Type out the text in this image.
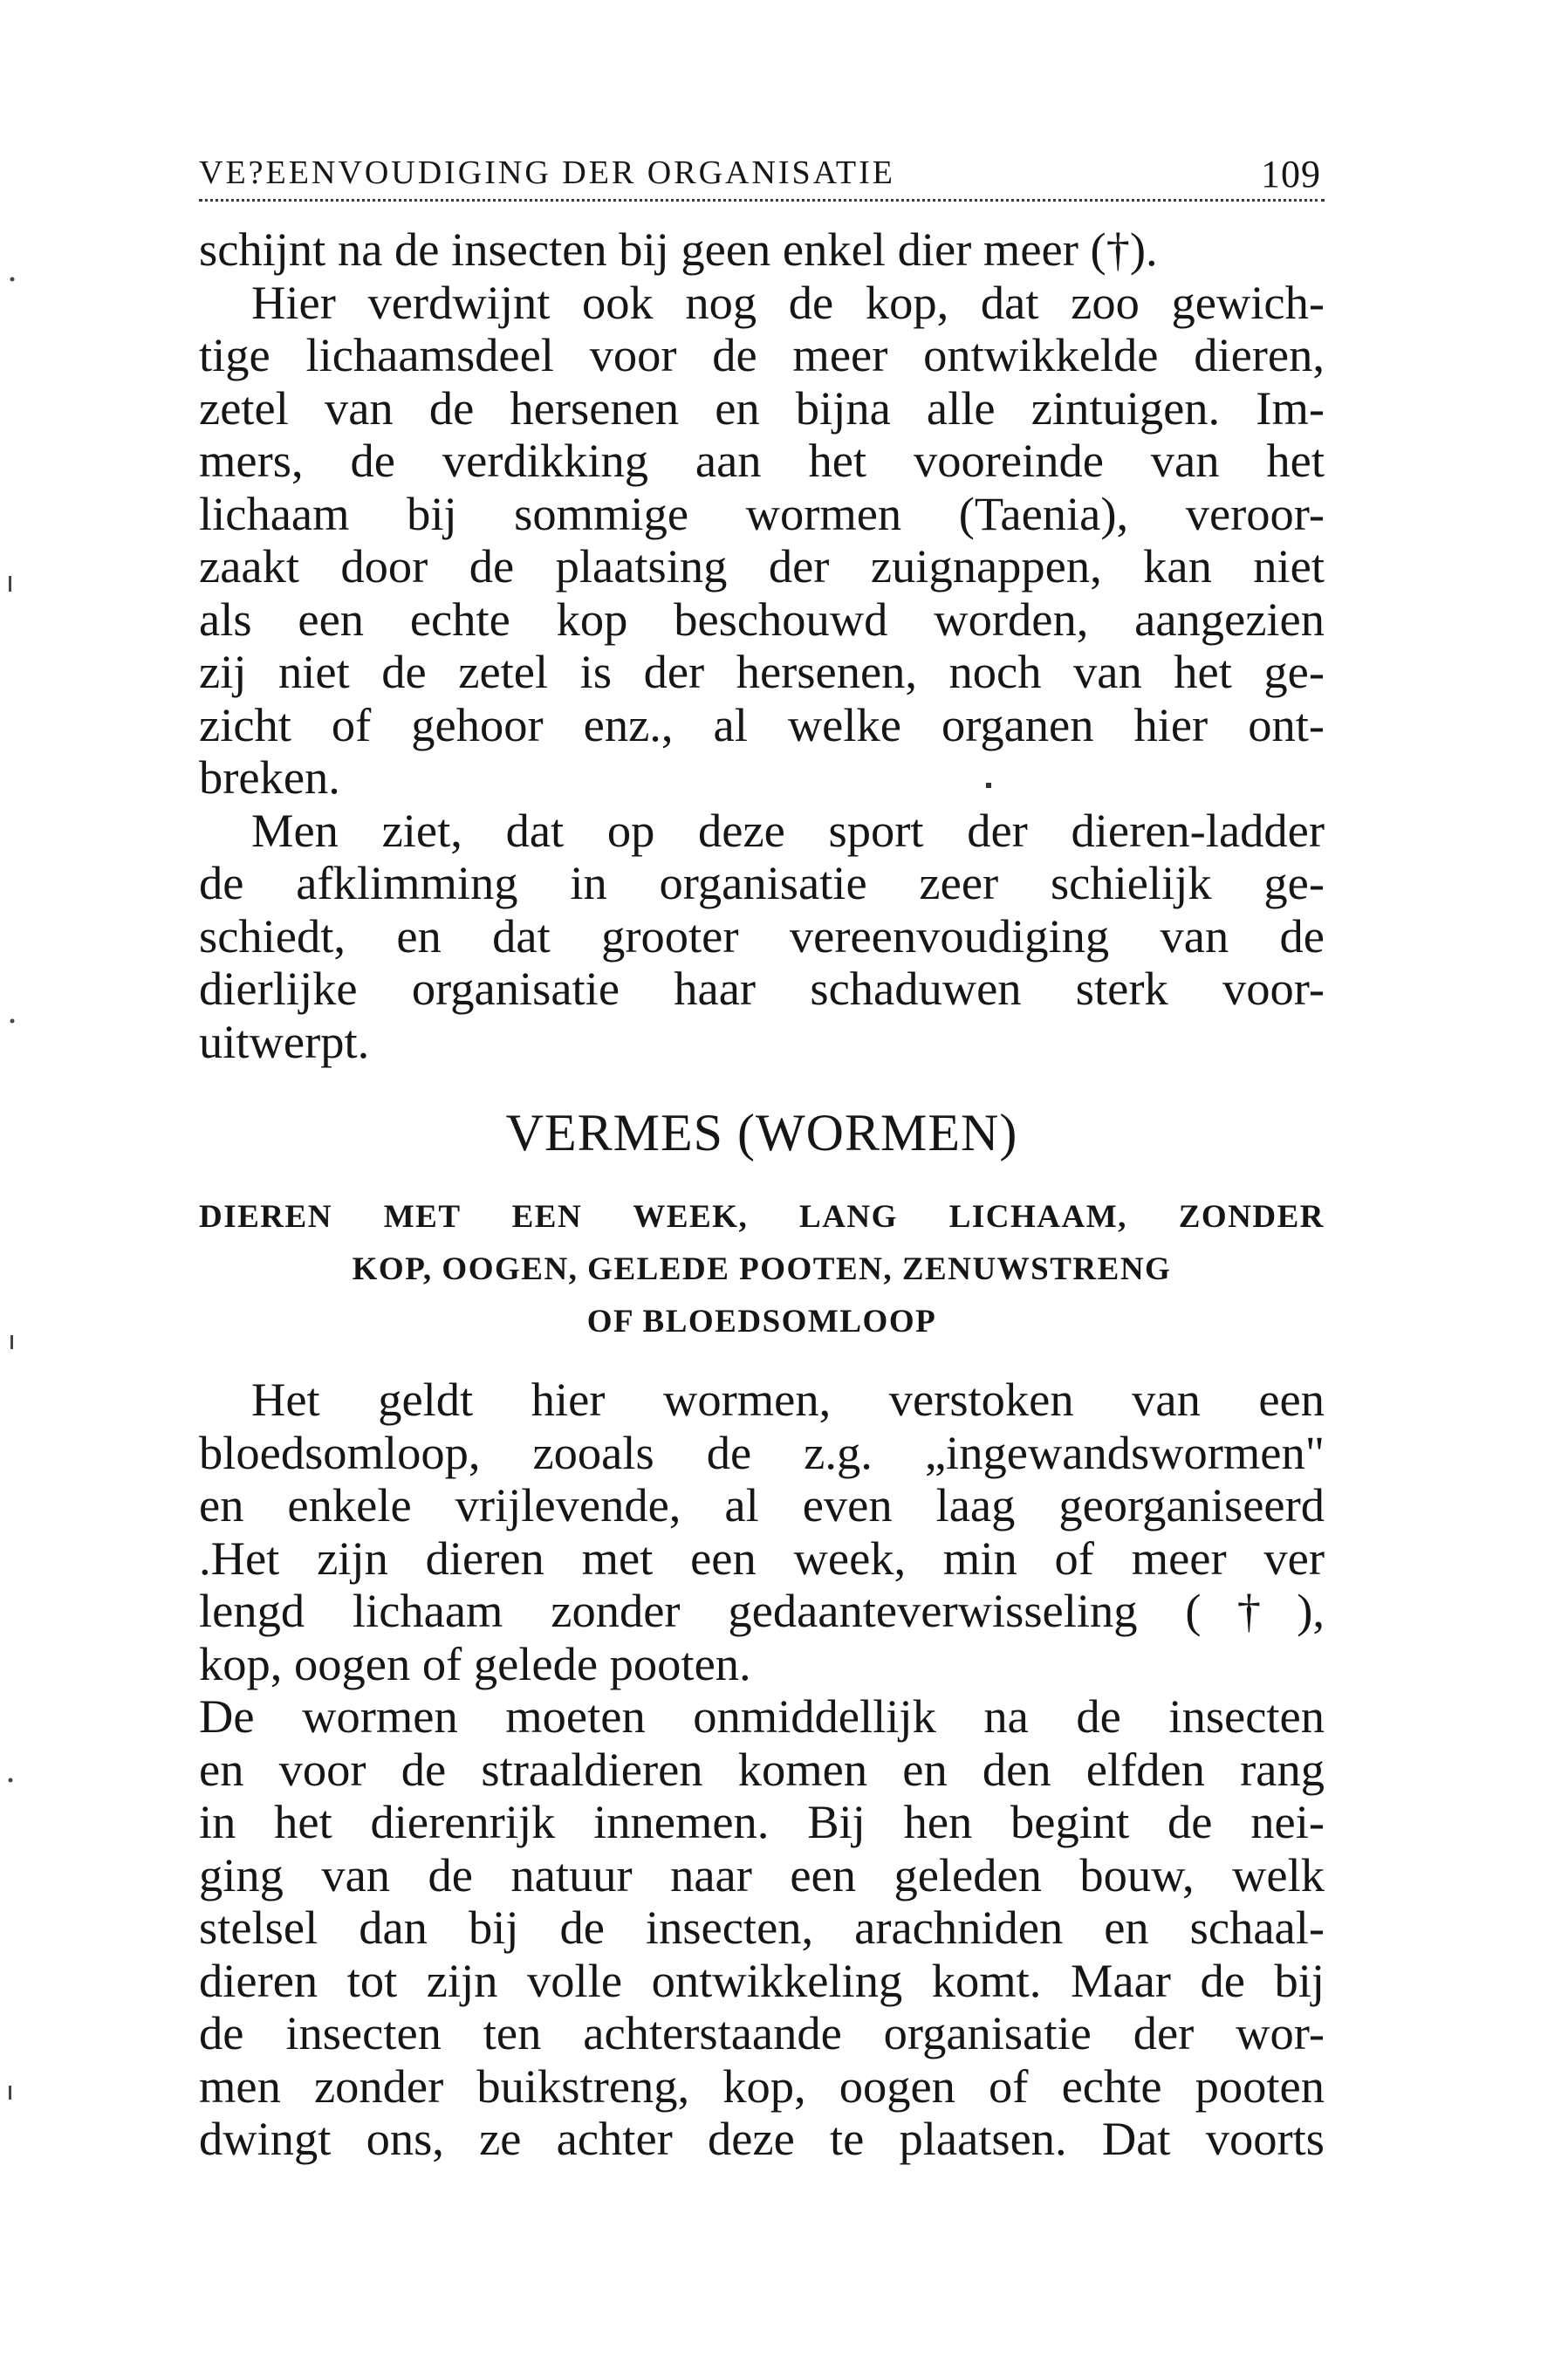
VE?EENVOUDIGING DER ORGANISATIE	109
schijnt na de insecten bij geen enkel dier meer (†).
Hier verdwijnt ook nog de kop, dat zoo gewich-
tige lichaamsdeel voor de meer ontwikkelde dieren,
zetel van de hersenen en bijna alle zintuigen. Im-
mers, de verdikking aan het vooreinde van het
lichaam bij sommige wormen (Taenia), veroor-
zaakt door de plaatsing der zuignappen, kan niet
als een echte kop beschouwd worden, aangezien
zij niet de zetel is der hersenen, noch van het ge-
zicht of gehoor enz., al welke organen hier ont-
breken.
Men ziet, dat op deze sport der dieren-ladder
de afklimming in organisatie zeer schielijk ge-
schiedt, en dat grooter vereenvoudiging van de
dierlijke organisatie haar schaduwen sterk voor-
uitwerpt.
VERMES (WORMEN)
DIEREN MET EEN WEEK, LANG LICHAAM, ZONDER
KOP, OOGEN, GELEDE POOTEN, ZENUWSTRENG
OF BLOEDSOMLOOP
Het geldt hier wormen, verstoken van een
bloedsomloop, zooals de z.g. „ingewandswormen"
en enkele vrijlevende, al even laag georganiseerd
.Het zijn dieren met een week, min of meer ver
lengd lichaam zonder gedaanteverwisseling (†),
kop, oogen of gelede pooten.
De wormen moeten onmiddellijk na de insecten
en voor de straaldieren komen en den elfden rang
in het dierenrijk innemen. Bij hen begint de nei-
ging van de natuur naar een geleden bouw, welk
stelsel dan bij de insecten, arachniden en schaal-
dieren tot zijn volle ontwikkeling komt. Maar de bij
de insecten ten achterstaande organisatie der wor-
men zonder buikstreng, kop, oogen of echte pooten
dwingt ons, ze achter deze te plaatsen. Dat voorts
